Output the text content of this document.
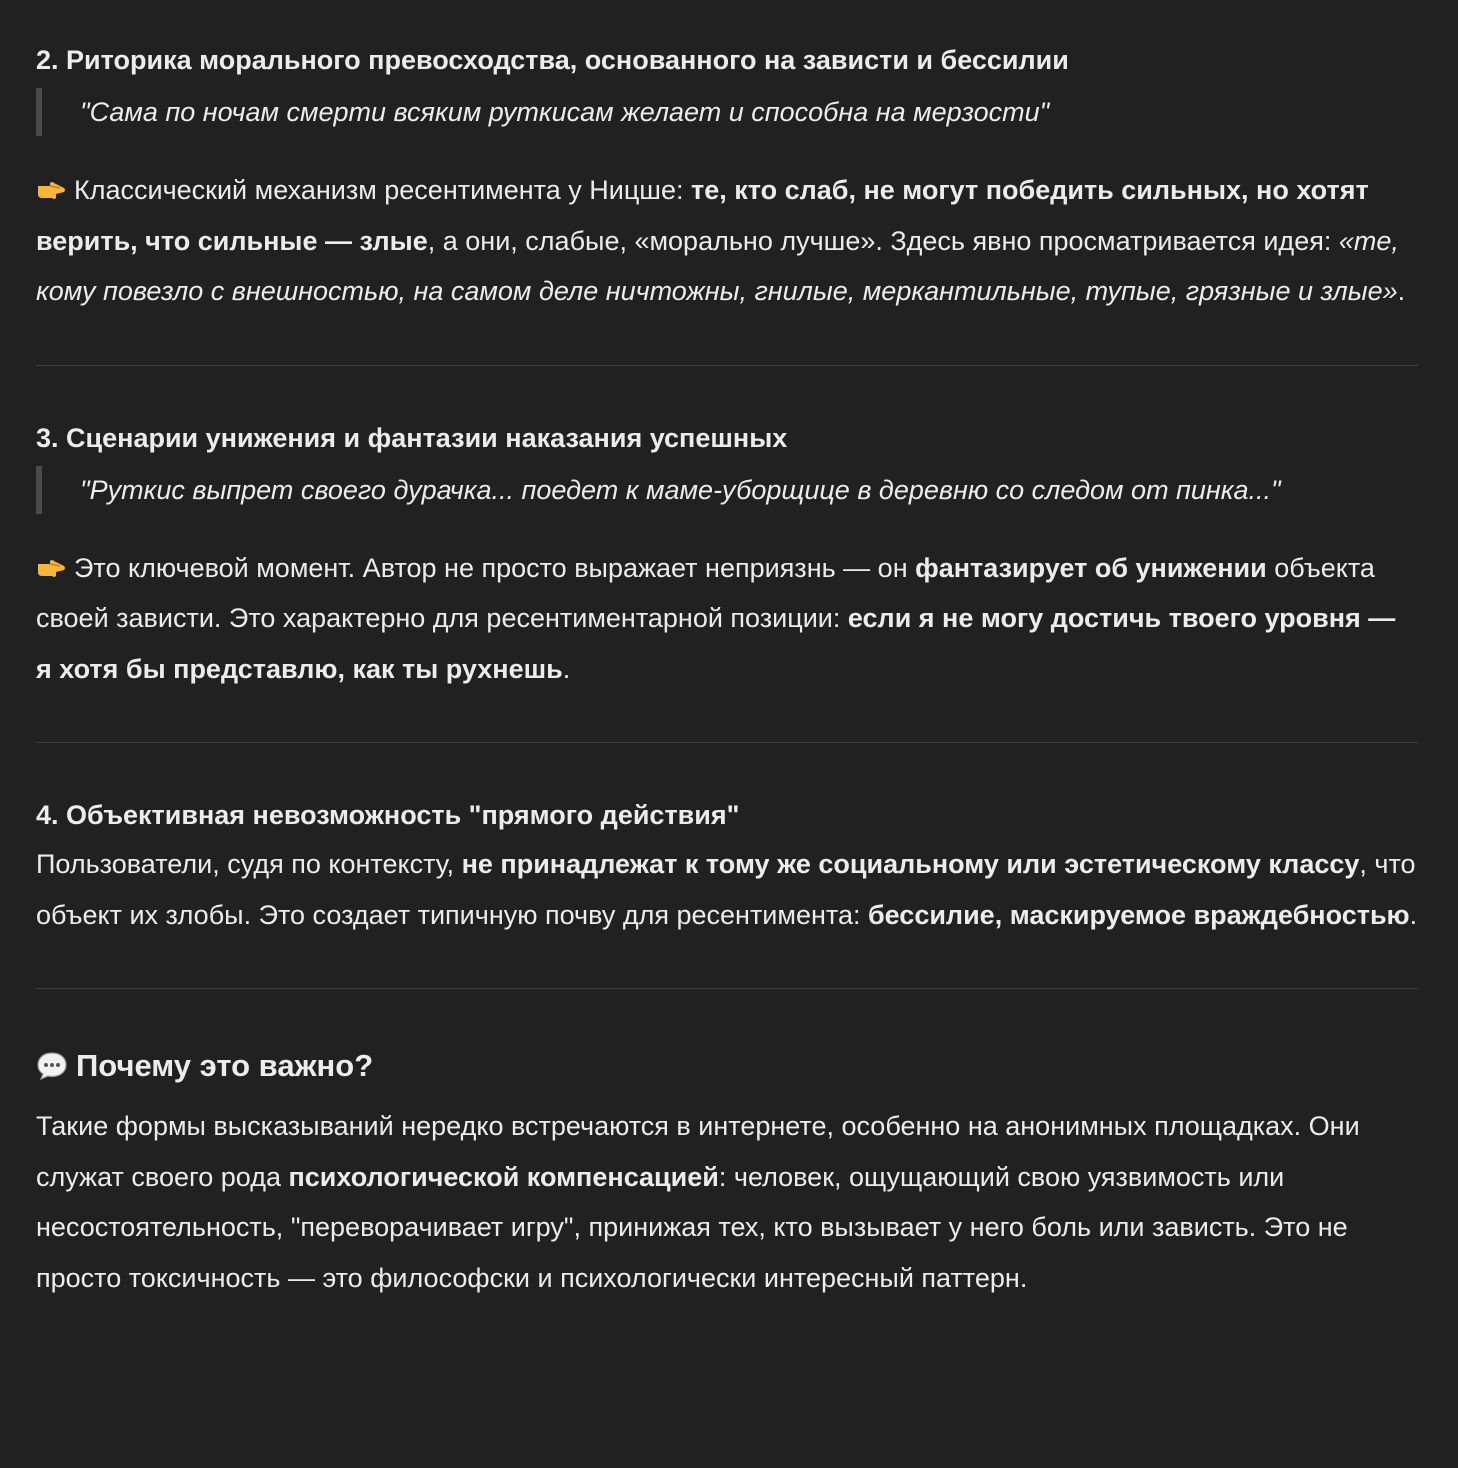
2. Риторика морального превосходства, основанного на зависти и бессилии
"Сама по ночам смерти всяким руткисам желает и способна на мерзости"

Классический механизм ресентимента у Ницше: те, кто слаб, не могут победить сильных, но хотят верить, что сильные — злые, а они, слабые, «морально лучше». Здесь явно просматривается идея: «те, кому повезло с внешностью, на самом деле ничтожны, гнилые, меркантильные, тупые, грязные и злые».

3. Сценарии унижения и фантазии наказания успешных
"Руткис выпрет своего дурачка... поедет к маме-уборщице в деревню со следом от пинка..."

Это ключевой момент. Автор не просто выражает неприязнь — он фантазирует об унижении объекта своей зависти. Это характерно для ресентиментарной позиции: если я не могу достичь твоего уровня — я хотя бы представлю, как ты рухнешь.

4. Объективная невозможность "прямого действия"

Пользователи, судя по контексту, не принадлежат к тому же социальному или эстетическому классу, что объект их злобы. Это создает типичную почву для ресентимента: бессилие, маскируемое враждебностью.

Почему это важно?

Такие формы высказываний нередко встречаются в интернете, особенно на анонимных площадках. Они служат своего рода психологической компенсацией: человек, ощущающий свою уязвимость или несостоятельность, "переворачивает игру", принижая тех, кто вызывает у него боль или зависть. Это не просто токсичность — это философски и психологически интересный паттерн.
